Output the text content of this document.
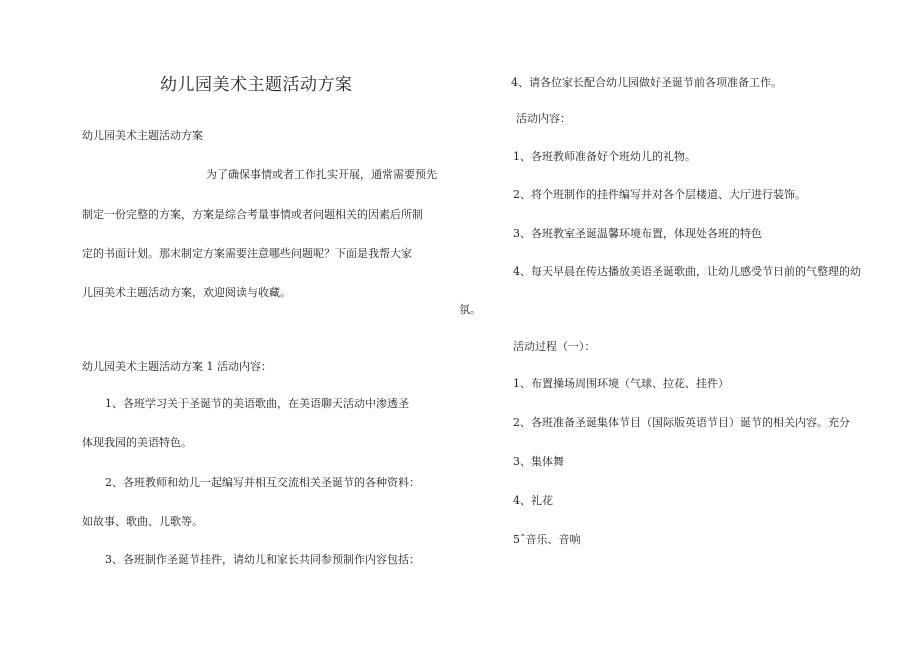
幼儿园美术主题活动方案
幼儿园美术主题活动方案
为了确保事情或者工作扎实开展，通常需要预先
制定一份完整的方案，方案是综合考量事情或者问题相关的因素后所制
定的书面计划。那末制定方案需要注意哪些问题呢？下面是我帮大家
儿园美术主题活动方案，欢迎阅读与收藏。
氛。
幼儿园美术主题活动方案 1 活动内容：
1、各班学习关于圣诞节的美语歌曲，在美语聊天活动中渗透圣
体现我园的美语特色。
2、各班教师和幼儿一起编写并相互交流相关圣诞节的各种资料：
如故事、歌曲、儿歌等。
3、各班制作圣诞节挂件，请幼儿和家长共同参预制作内容包括：
4、请各位家长配合幼儿园做好圣诞节前各项准备工作。
活动内容：
1、各班教师准备好个班幼儿的礼物。
2、将个班制作的挂件编写并对各个层楼道、大厅进行装饰。
3、各班教室圣诞温馨环境布置，体现处各班的特色
4、每天早晨在传达播放美语圣诞歌曲，让幼儿感受节日前的气整理的幼
活动过程（一）：
1、布置操场周围环境（气球、拉花、挂件）
2、各班准备圣诞集体节目（国际版英语节目）诞节的相关内容。充分
3、集体舞
4、礼花
5ˆ音乐、音响
